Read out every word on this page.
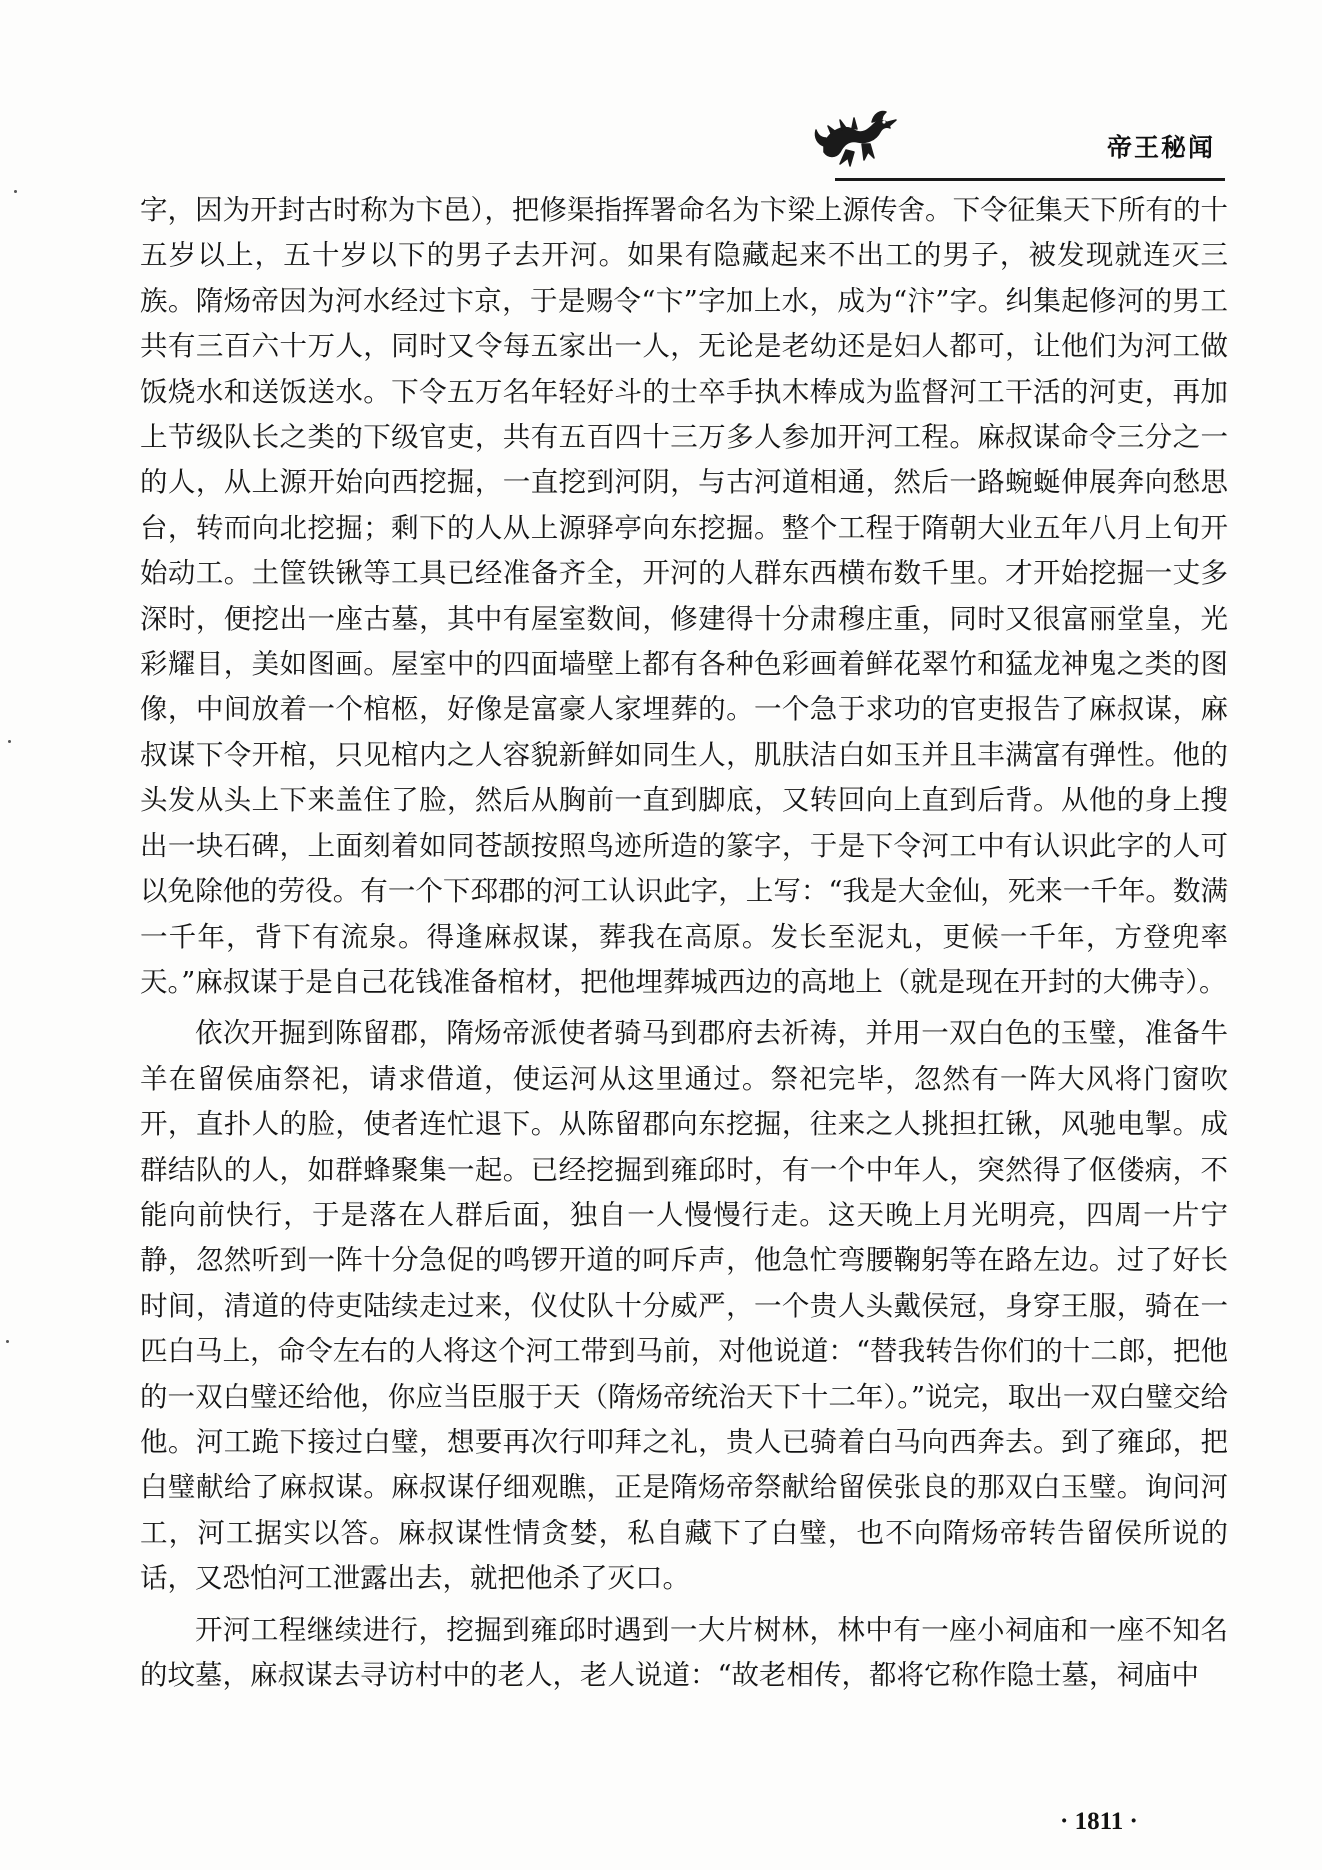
帝王秘闻

字，因为开封古时称为卞邑），把修渠指挥署命名为卞梁上源传舍。下令征集天下所有的十五岁以上，五十岁以下的男子去开河。如果有隐藏起来不出工的男子，被发现就连灭三族。隋炀帝因为河水经过卞京，于是赐令“卞”字加上水，成为“汴”字。纠集起修河的男工共有三百六十万人，同时又令每五家出一人，无论是老幼还是妇人都可，让他们为河工做饭烧水和送饭送水。下令五万名年轻好斗的士卒手执木棒成为监督河工干活的河吏，再加上节级队长之类的下级官吏，共有五百四十三万多人参加开河工程。麻叔谋命令三分之一的人，从上源开始向西挖掘，一直挖到河阴，与古河道相通，然后一路蜿蜒伸展奔向愁思台，转而向北挖掘；剩下的人从上源驿亭向东挖掘。整个工程于隋朝大业五年八月上旬开始动工。土筐铁锹等工具已经准备齐全，开河的人群东西横布数千里。才开始挖掘一丈多深时，便挖出一座古墓，其中有屋室数间，修建得十分肃穆庄重，同时又很富丽堂皇，光彩耀目，美如图画。屋室中的四面墙壁上都有各种色彩画着鲜花翠竹和猛龙神鬼之类的图像，中间放着一个棺柩，好像是富豪人家埋葬的。一个急于求功的官吏报告了麻叔谋，麻叔谋下令开棺，只见棺内之人容貌新鲜如同生人，肌肤洁白如玉并且丰满富有弹性。他的头发从头上下来盖住了脸，然后从胸前一直到脚底，又转回向上直到后背。从他的身上搜出一块石碑，上面刻着如同苍颉按照鸟迹所造的篆字，于是下令河工中有认识此字的人可以免除他的劳役。有一个下邳郡的河工认识此字，上写：“我是大金仙，死来一千年。数满一千年，背下有流泉。得逢麻叔谋，葬我在高原。发长至泥丸，更候一千年，方登兜率天。”麻叔谋于是自己花钱准备棺材，把他埋葬城西边的高地上（就是现在开封的大佛寺）。

依次开掘到陈留郡，隋炀帝派使者骑马到郡府去祈祷，并用一双白色的玉璧，准备牛羊在留侯庙祭祀，请求借道，使运河从这里通过。祭祀完毕，忽然有一阵大风将门窗吹开，直扑人的脸，使者连忙退下。从陈留郡向东挖掘，往来之人挑担扛锹，风驰电掣。成群结队的人，如群蜂聚集一起。已经挖掘到雍邱时，有一个中年人，突然得了伛偻病，不能向前快行，于是落在人群后面，独自一人慢慢行走。这天晚上月光明亮，四周一片宁静，忽然听到一阵十分急促的鸣锣开道的呵斥声，他急忙弯腰鞠躬等在路左边。过了好长时间，清道的侍吏陆续走过来，仪仗队十分威严，一个贵人头戴侯冠，身穿王服，骑在一匹白马上，命令左右的人将这个河工带到马前，对他说道：“替我转告你们的十二郎，把他的一双白璧还给他，你应当臣服于天（隋炀帝统治天下十二年）。”说完，取出一双白璧交给他。河工跪下接过白璧，想要再次行叩拜之礼，贵人已骑着白马向西奔去。到了雍邱，把白璧献给了麻叔谋。麻叔谋仔细观瞧，正是隋炀帝祭献给留侯张良的那双白玉璧。询问河工，河工据实以答。麻叔谋性情贪婪，私自藏下了白璧，也不向隋炀帝转告留侯所说的话，又恐怕河工泄露出去，就把他杀了灭口。

开河工程继续进行，挖掘到雍邱时遇到一大片树林，林中有一座小祠庙和一座不知名的坟墓，麻叔谋去寻访村中的老人，老人说道：“故老相传，都将它称作隐士墓，祠庙中

· 1811 ·
